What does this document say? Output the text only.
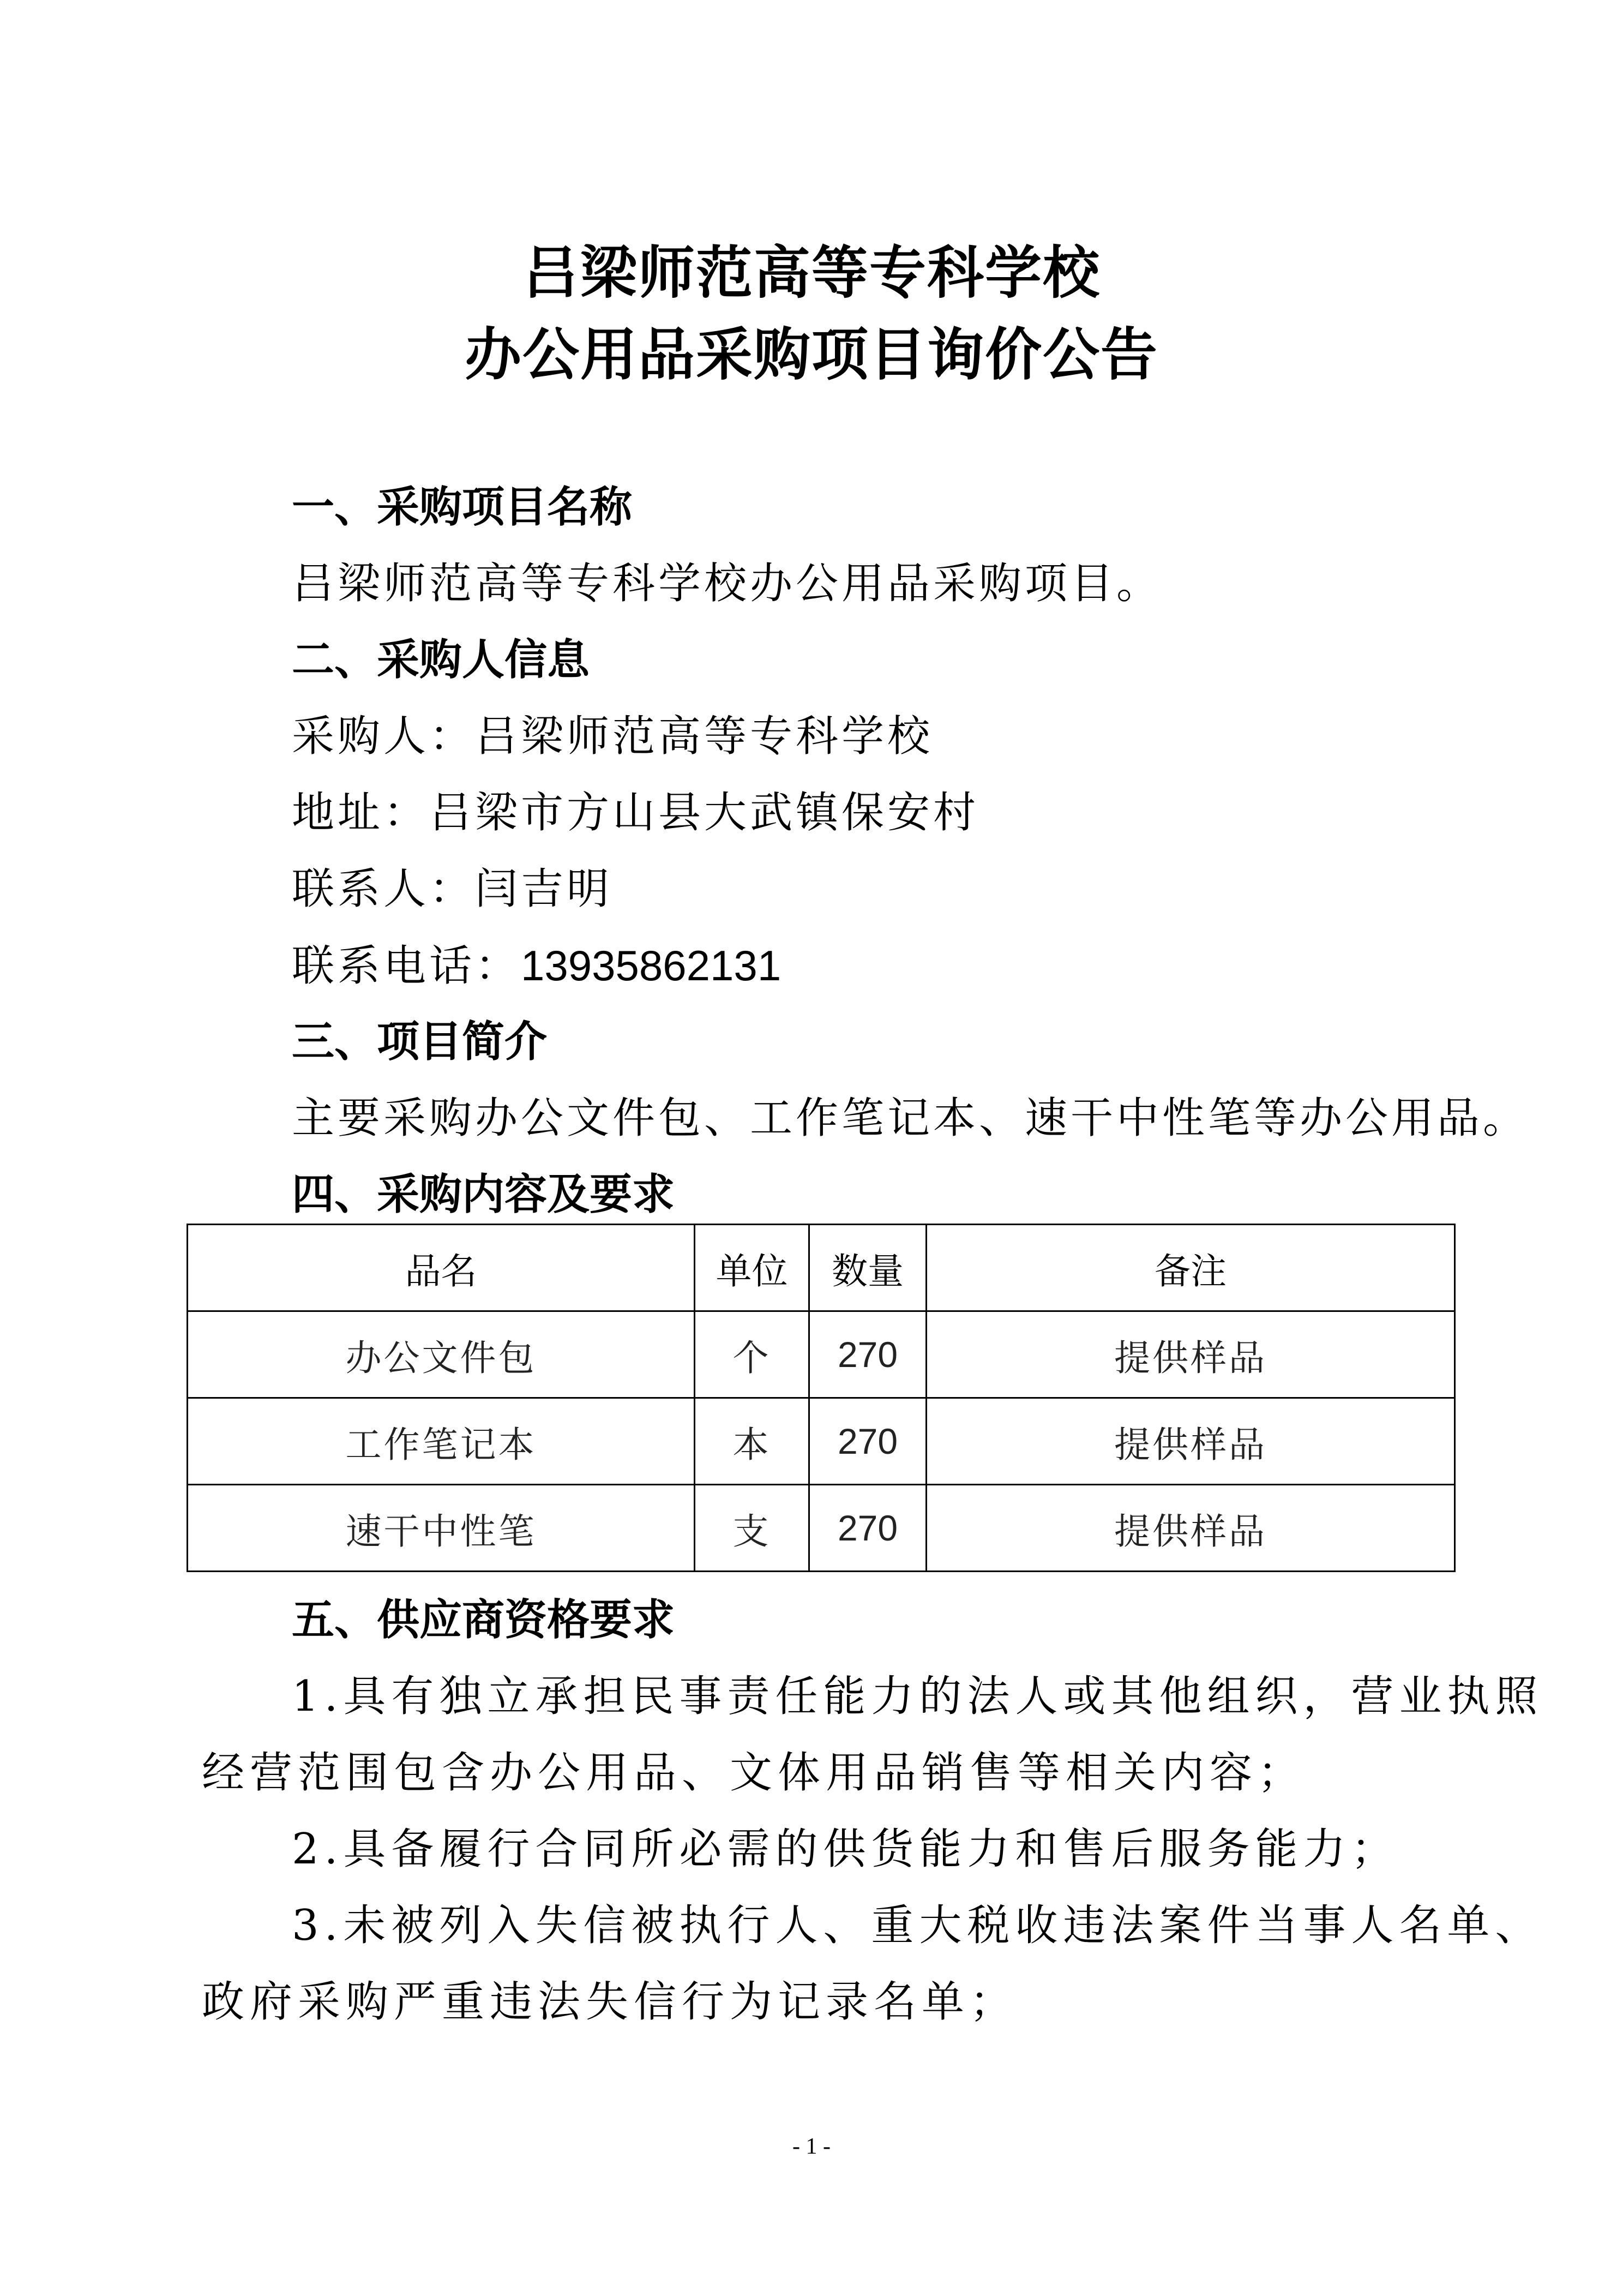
吕梁师范高等专科学校
办公用品采购项目询价公告
一、采购项目名称
吕梁师范高等专科学校办公用品采购项目。
二、采购人信息
采购人：吕梁师范高等专科学校
地址：吕梁市方山县大武镇保安村
联系人：闫吉明
联系电话：13935862131
三、项目简介
主要采购办公文件包、工作笔记本、速干中性笔等办公用品。
四、采购内容及要求
品名	单位	数量	备注
办公文件包	个	270	提供样品
工作笔记本	本	270	提供样品
速干中性笔	支	270	提供样品
五、供应商资格要求
1.具有独立承担民事责任能力的法人或其他组织，营业执照
经营范围包含办公用品、文体用品销售等相关内容；
2.具备履行合同所必需的供货能力和售后服务能力；
3.未被列入失信被执行人、重大税收违法案件当事人名单、
政府采购严重违法失信行为记录名单；
- 1 -
